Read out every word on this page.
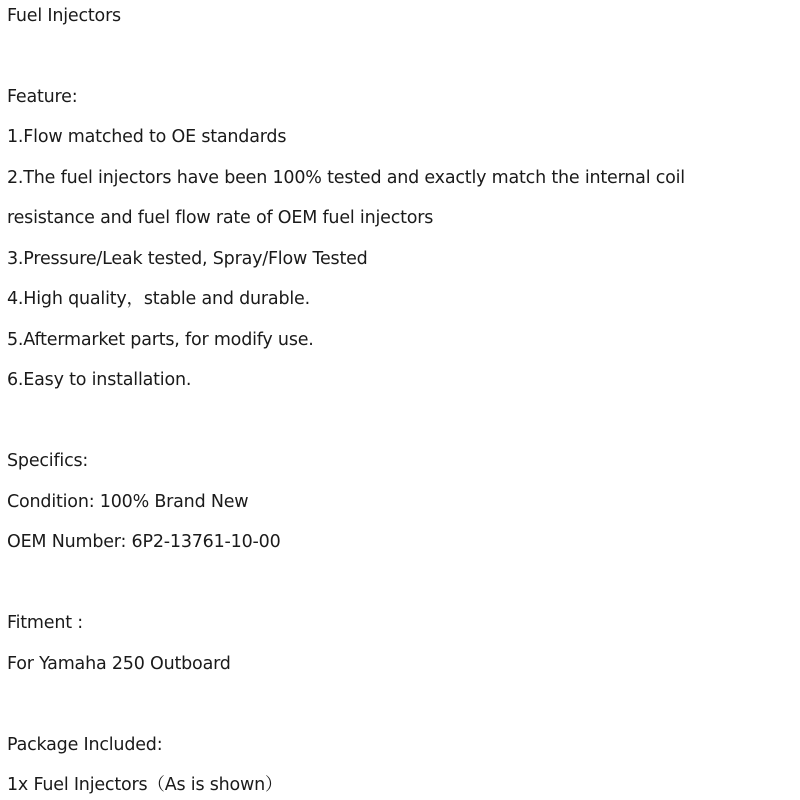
Fuel Injectors
Feature:
1.Flow matched to OE standards
2.The fuel injectors have been 100% tested and exactly match the internal coil
resistance and fuel flow rate of OEM fuel injectors
3.Pressure/Leak tested, Spray/Flow Tested
4.High quality，stable and durable.
5.Aftermarket parts, for modify use.
6.Easy to installation.
Specifics:
Condition: 100% Brand New
OEM Number: 6P2-13761-10-00
Fitment :
For Yamaha 250 Outboard
Package Included:
1x Fuel Injectors（As is shown）
